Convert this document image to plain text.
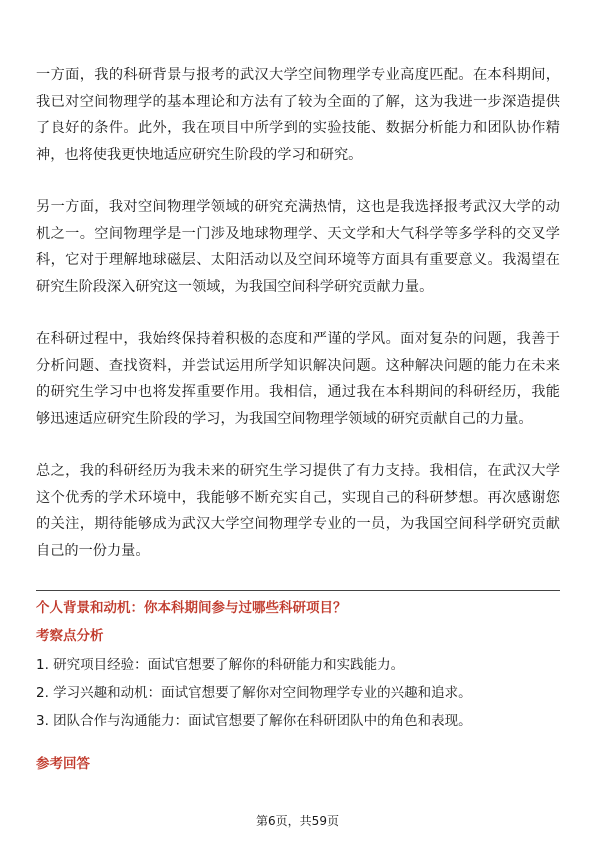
一方面，我的科研背景与报考的武汉大学空间物理学专业高度匹配。在本科期间，我已对空间物理学的基本理论和方法有了较为全面的了解，这为我进一步深造提供了良好的条件。此外，我在项目中所学到的实验技能、数据分析能力和团队协作精神，也将使我更快地适应研究生阶段的学习和研究。

另一方面，我对空间物理学领域的研究充满热情，这也是我选择报考武汉大学的动机之一。空间物理学是一门涉及地球物理学、天文学和大气科学等多学科的交叉学科，它对于理解地球磁层、太阳活动以及空间环境等方面具有重要意义。我渴望在研究生阶段深入研究这一领域，为我国空间科学研究贡献力量。

在科研过程中，我始终保持着积极的态度和严谨的学风。面对复杂的问题，我善于分析问题、查找资料，并尝试运用所学知识解决问题。这种解决问题的能力在未来的研究生学习中也将发挥重要作用。我相信，通过我在本科期间的科研经历，我能够迅速适应研究生阶段的学习，为我国空间物理学领域的研究贡献自己的力量。

总之，我的科研经历为我未来的研究生学习提供了有力支持。我相信，在武汉大学这个优秀的学术环境中，我能够不断充实自己，实现自己的科研梦想。再次感谢您的关注，期待能够成为武汉大学空间物理学专业的一员，为我国空间科学研究贡献自己的一份力量。

个人背景和动机：你本科期间参与过哪些科研项目？
考察点分析
1. 研究项目经验：面试官想要了解你的科研能力和实践能力。
2. 学习兴趣和动机：面试官想要了解你对空间物理学专业的兴趣和追求。
3. 团队合作与沟通能力：面试官想要了解你在科研团队中的角色和表现。
参考回答
第6页，共59页
